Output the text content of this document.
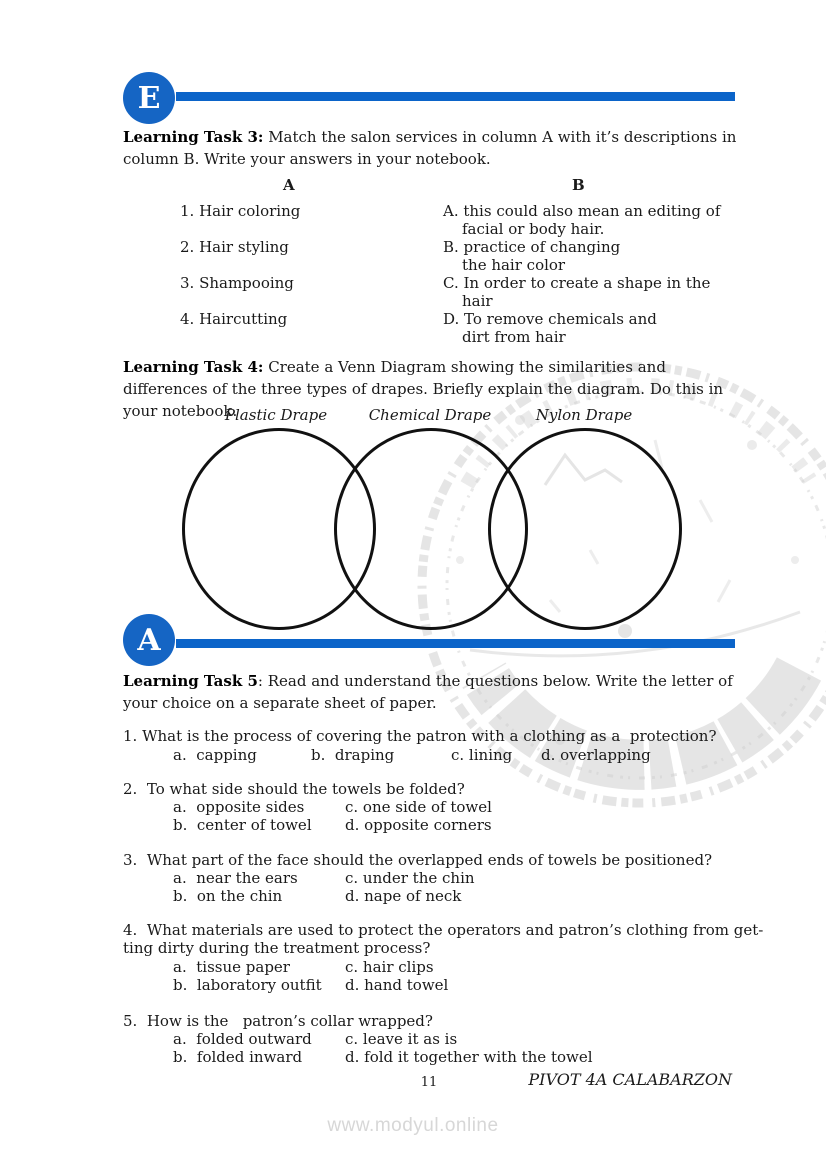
E
Learning Task 3: Match the salon services in column A with it’s descriptions in column B. Write your answers in your notebook.
A	B
1. Hair coloring	A. this could also mean an editing of
facial or body hair.
2. Hair styling	B. practice of changing
the hair color
3. Shampooing	C. In order to create a shape in the
hair
4. Haircutting	D. To remove chemicals and
dirt from hair
Learning Task 4: Create a Venn Diagram showing the similarities and differences of the three types of drapes. Briefly explain the diagram. Do this in your notebook.
Plastic Drape	Chemical Drape	Nylon Drape
A
Learning Task 5: Read and understand the questions below. Write the letter of your choice on a separate sheet of paper.
1. What is the process of covering the patron with a clothing as a  protection?
a.  capping	b.  draping	c. lining d. overlapping
2.  To what side should the towels be folded?
a.  opposite sides	c. one side of towel
b.  center of towel d. opposite corners
3.  What part of the face should the overlapped ends of towels be positioned?
a.  near the ears	c. under the chin
b.  on the chin	d. nape of neck
4.  What materials are used to protect the operators and patron’s clothing from get-
ting dirty during the treatment process?
a.  tissue paper	c. hair clips
b.  laboratory outfit d. hand towel
5.  How is the   patron’s collar wrapped?
a.  folded outward c. leave it as is
b.  folded inward	d. fold it together with the towel
11	PIVOT 4A CALABARZON
www.modyul.online
